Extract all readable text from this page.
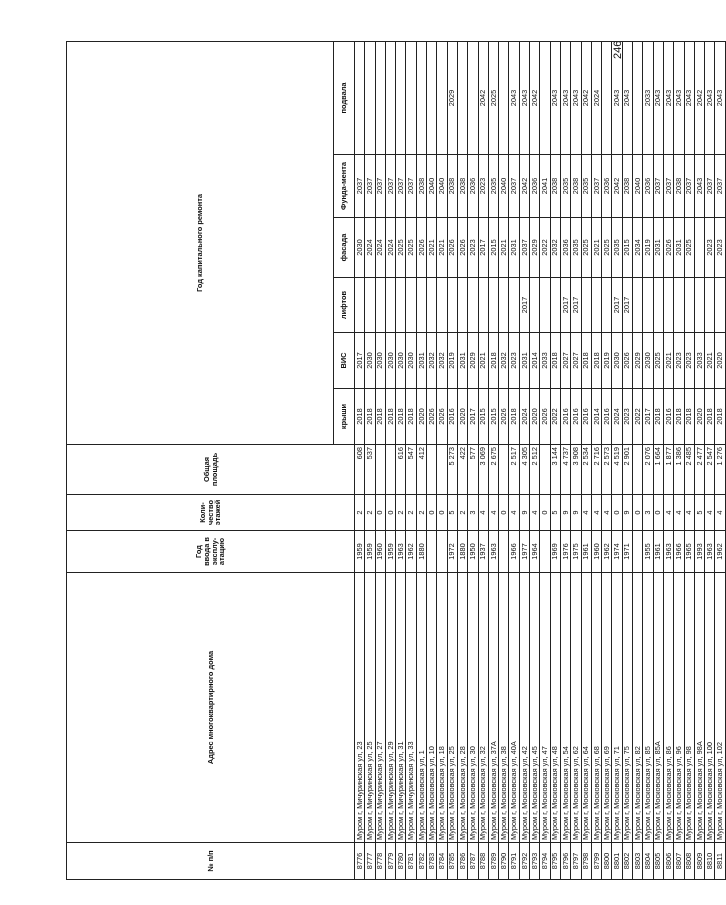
246
№ п/п	Адрес многоквартирного дома	Год ввода в эксплу-атацию	Коли-чество этажей	Общая площадь	Год капитального ремонта					
					крыши	ВИС	лифтов	фасада	Фунда-мента	подвала
8776	Муром г, Мичуринская ул, 23	1959	2	608	2018	2017		2030	2037	
8777	Муром г, Мичуринская ул, 25	1959	2	537	2018	2030		2024	2037	
8778	Муром г, Мичуринская ул, 27	1960	0		2018	2030		2024	2037	
8779	Муром г, Мичуринская ул, 29	1959	0		2018	2030		2024	2037	
8780	Муром г, Мичуринская ул, 31	1963	2	616	2018	2030		2025	2037	
8781	Муром г, Мичуринская ул, 33	1962	2	547	2018	2030		2025	2037	
8782	Муром г, Московская ул, 1	1880	2	412	2020	2031		2026	2038	
8783	Муром г, Московская ул, 10		0		2026	2032		2021	2040	
8784	Муром г, Московская ул, 18		0		2026	2032		2021	2040	
8785	Муром г, Московская ул, 25	1972	5	5 273	2016	2019		2026	2038	2029
8786	Муром г, Московская ул, 28	1880	2	422	2020	2031		2026	2038	
8787	Муром г, Московская ул, 30	1950	3	577	2017	2029		2023	2036	
8788	Муром г, Московская ул, 32	1937	4	3 069	2015	2021		2017	2023	2042
8789	Муром г, Московская ул, 37А	1963	4	2 675	2015	2018		2015	2035	2025
8790	Муром г, Московская ул, 38		0		2026	2032		2021	2040	
8791	Муром г, Московская ул, 40А	1966	4	2 517	2018	2023		2031	2037	2043
8792	Муром г, Московская ул, 42	1977	9	4 305	2024	2031	2017	2037	2042	2043
8793	Муром г, Московская ул, 45	1964	4	2 512	2020	2014		2029	2036	2042
8794	Муром г, Московская ул, 47		0		2026	2033		2022	2041	
8795	Муром г, Московская ул, 48	1969	5	3 144	2022	2018		2032	2038	2043
8796	Муром г, Московская ул, 54	1976	9	4 737	2016	2027	2017	2036	2035	2043
8797	Муром г, Московская ул, 62	1975	9	3 908	2016	2027	2017	2035	2038	2043
8798	Муром г, Московская ул, 64	1961	4	2 534	2016	2018		2025	2035	2042
8799	Муром г, Московская ул, 68	1960	4	2 716	2014	2018		2021	2037	2024
8800	Муром г, Московская ул, 69	1962	4	2 573	2016	2019		2025	2036	
8801	Муром г, Московская ул, 71	1974	0	4 519	2024	2030	2017	2035	2042	2043
8802	Муром г, Московская ул, 75	1971	9	2 901	2023	2026	2017	2015	2038	2043
8803	Муром г, Московская ул, 82		0		2022	2029		2034	2040	
8804	Муром г, Московская ул, 85	1955	3	2 076	2017	2030		2019	2036	2033
8805	Муром г, Московская ул, 85А	1961	0	1 664	2018	2025		2031	2037	2043
8806	Муром г, Московская ул, 86	1963	4	1 877	2016	2021		2026	2037	2043
8807	Муром г, Московская ул, 96	1966	4	1 386	2018	2023		2031	2038	2043
8808	Муром г, Московская ул, 98	1965	4	2 485	2018	2023		2025	2037	2043
8809	Муром г, Московская ул, 98А	1993	5	2 477	2020	2033			2043	2042
8810	Муром г, Московская ул, 100	1963	4	2 547	2018	2021		2023	2037	2043
8811	Муром г, Московская ул, 102	1962	4	1 276	2018	2020		2023	2037	2043
